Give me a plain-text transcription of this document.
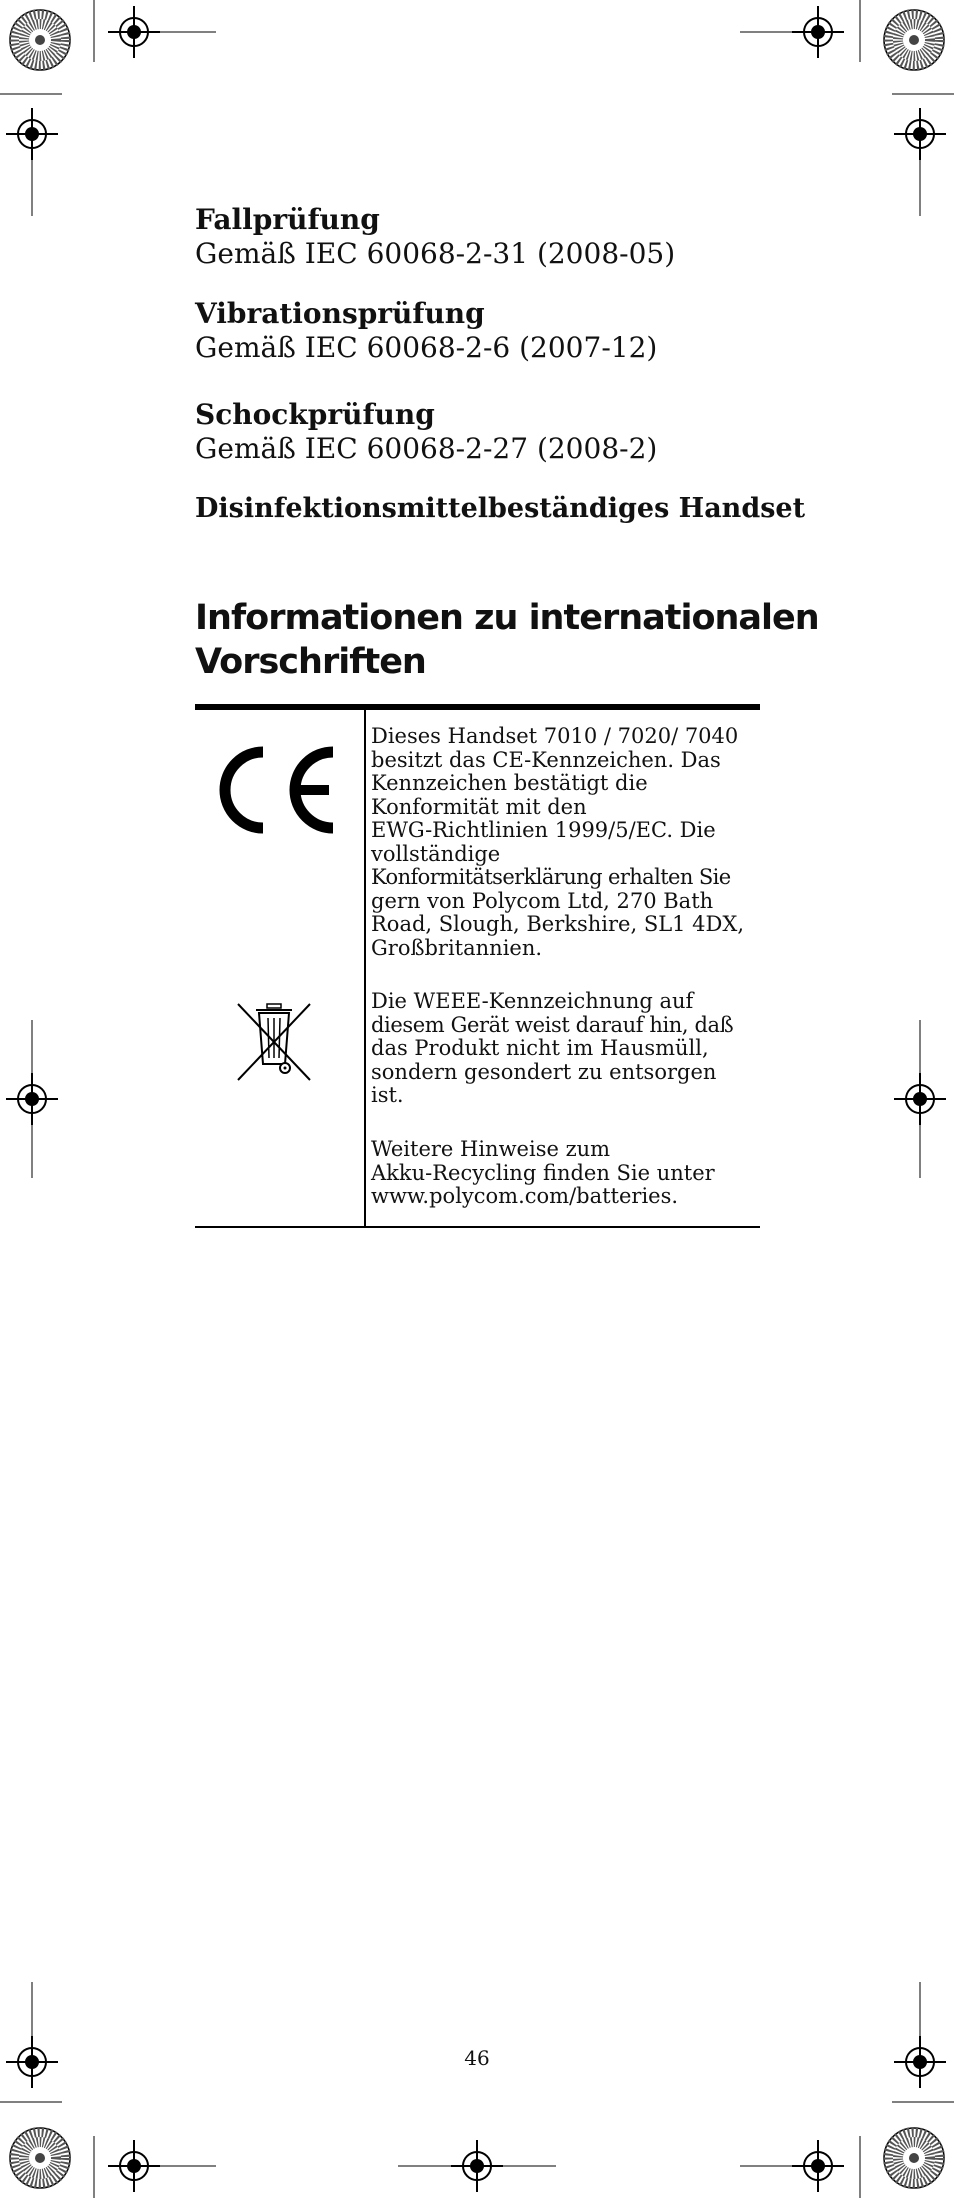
Fallprüfung
Gemäß IEC 60068-2-31 (2008-05)
Vibrationsprüfung
Gemäß IEC 60068-2-6 (2007-12)
Schockprüfung
Gemäß IEC 60068-2-27 (2008-2)
Disinfektionsmittelbeständiges Handset
Informationen zu internationalen
Vorschriften
Dieses Handset 7010 / 7020/ 7040
besitzt das CE-Kennzeichen. Das
Kennzeichen bestätigt die
Konformität mit den
EWG-Richtlinien 1999/5/EC. Die
vollständige
Konformitätserklärung erhalten Sie
gern von Polycom Ltd, 270 Bath
Road, Slough, Berkshire, SL1 4DX,
Großbritannien.
Die WEEE-Kennzeichnung auf
diesem Gerät weist darauf hin, daß
das Produkt nicht im Hausmüll,
sondern gesondert zu entsorgen
ist.
Weitere Hinweise zum
Akku-Recycling finden Sie unter
www.polycom.com/batteries.
46
